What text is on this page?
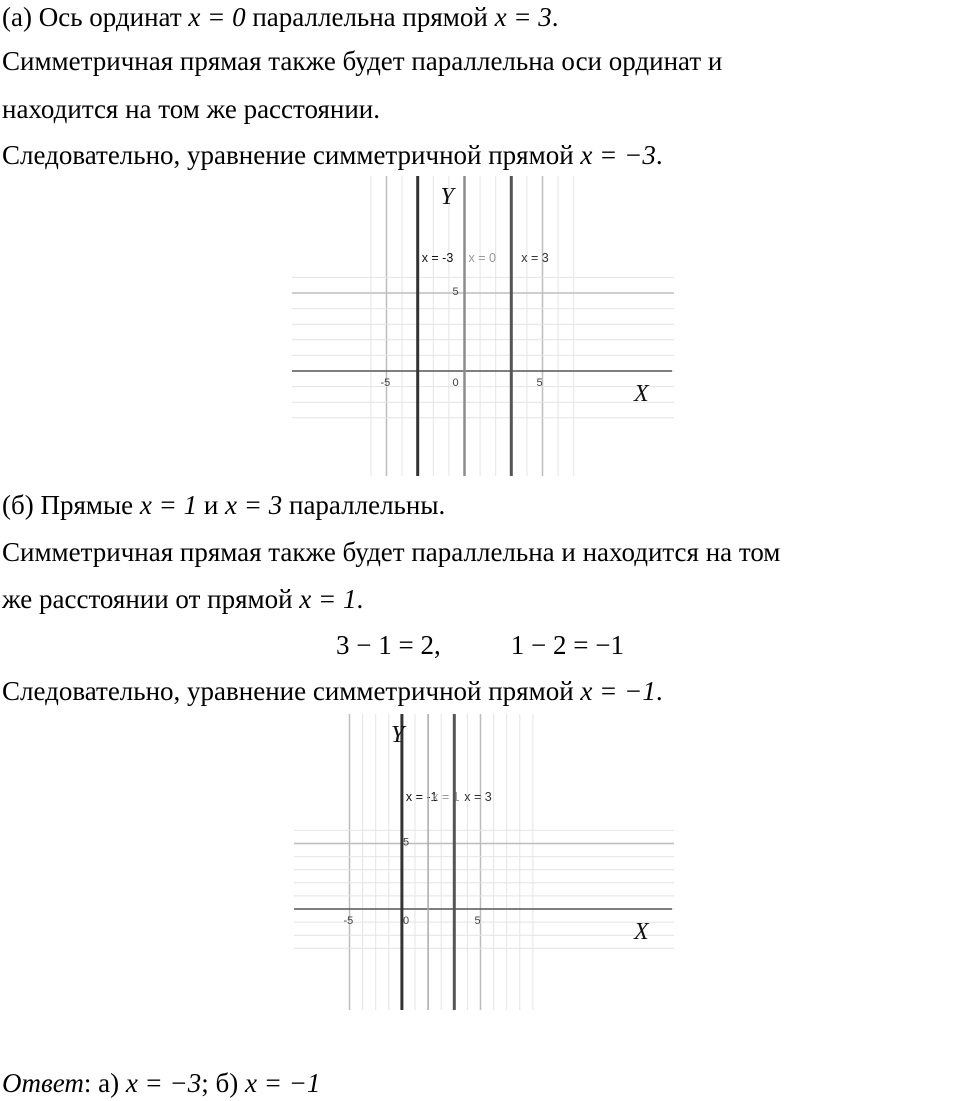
(а) Ось ординат x = 0 параллельна прямой x = 3.
Симметричная прямая также будет параллельна оси ординат и
находится на том же расстоянии.
Следовательно, уравнение симметричной прямой x = −3.
-5	0	5
5
x = -3 x = 0 x = 3
X
Y
(б) Прямые x = 1 и x = 3 параллельны.
Симметричная прямая также будет параллельна и находится на том
же расстоянии от прямой x = 1.
3 − 1 = 2,	1 − 2 = −1
Следовательно, уравнение симметричной прямой x = −1.
-5	0	5
5
x = -1
x = 1 x = 3
X
Y
Ответ: а) x = −3; б) x = −1
